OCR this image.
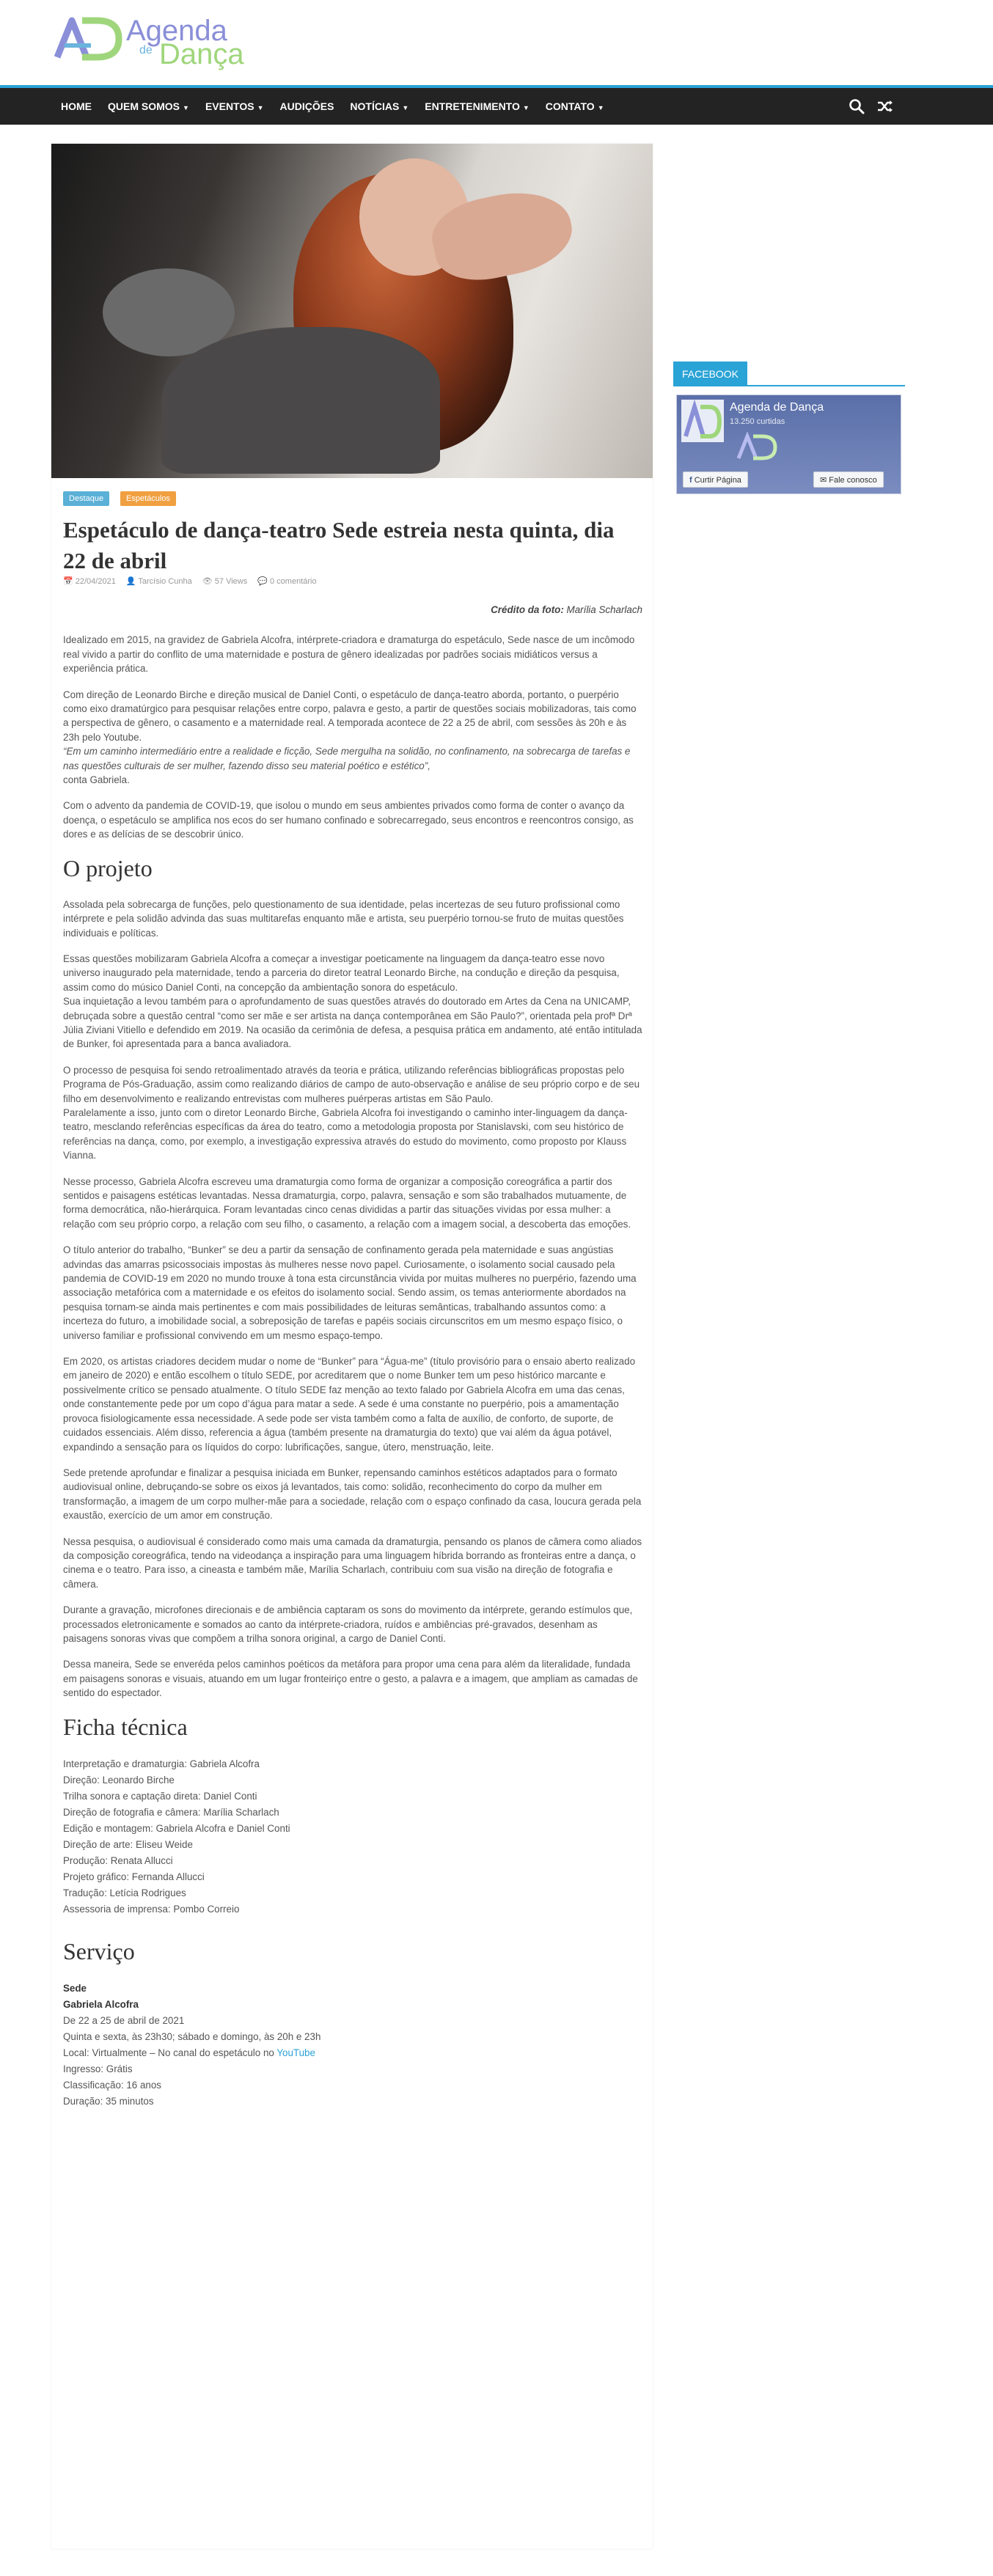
Agenda
de Dança
HOME	QUEM SOMOS ▼	EVENTOS ▼	AUDIÇÕES	NOTÍCIAS ▼	ENTRETENIMENTO ▼	CONTATO ▼
Destaque	Espetáculos
Espetáculo de dança-teatro Sede estreia nesta quinta, dia 22 de abril
📅 22/04/2021 👤 Tarcísio Cunha 👁 57 Views 💬 0 comentário

Crédito da foto: Marília Scharlach

Idealizado em 2015, na gravidez de Gabriela Alcofra, intérprete-criadora e dramaturga do espetáculo, Sede nasce de um incômodo real vivido a partir do conflito de uma maternidade e postura de gênero idealizadas por padrões sociais midiáticos versus a experiência prática.

Com direção de Leonardo Birche e direção musical de Daniel Conti, o espetáculo de dança-teatro aborda, portanto, o puerpério como eixo dramatúrgico para pesquisar relações entre corpo, palavra e gesto, a partir de questões sociais mobilizadoras, tais como a perspectiva de gênero, o casamento e a maternidade real. A temporada acontece de 22 a 25 de abril, com sessões às 20h e às 23h pelo Youtube.

“Em um caminho intermediário entre a realidade e ficção, Sede mergulha na solidão, no confinamento, na sobrecarga de tarefas e nas questões culturais de ser mulher, fazendo disso seu material poético e estético”,

conta Gabriela.

Com o advento da pandemia de COVID-19, que isolou o mundo em seus ambientes privados como forma de conter o avanço da doença, o espetáculo se amplifica nos ecos do ser humano confinado e sobrecarregado, seus encontros e reencontros consigo, as dores e as delícias de se descobrir único.

O projeto

Assolada pela sobrecarga de funções, pelo questionamento de sua identidade, pelas incertezas de seu futuro profissional como intérprete e pela solidão advinda das suas multitarefas enquanto mãe e artista, seu puerpério tornou-se fruto de muitas questões individuais e políticas.

Essas questões mobilizaram Gabriela Alcofra a começar a investigar poeticamente na linguagem da dança-teatro esse novo universo inaugurado pela maternidade, tendo a parceria do diretor teatral Leonardo Birche, na condução e direção da pesquisa, assim como do músico Daniel Conti, na concepção da ambientação sonora do espetáculo.

Sua inquietação a levou também para o aprofundamento de suas questões através do doutorado em Artes da Cena na UNICAMP, debruçada sobre a questão central “como ser mãe e ser artista na dança contemporânea em São Paulo?”, orientada pela profª Drª Júlia Ziviani Vitiello e defendido em 2019. Na ocasião da cerimônia de defesa, a pesquisa prática em andamento, até então intitulada de Bunker, foi apresentada para a banca avaliadora.

O processo de pesquisa foi sendo retroalimentado através da teoria e prática, utilizando referências bibliográficas propostas pelo Programa de Pós-Graduação, assim como realizando diários de campo de auto-observação e análise de seu próprio corpo e de seu filho em desenvolvimento e realizando entrevistas com mulheres puérperas artistas em São Paulo.

Paralelamente a isso, junto com o diretor Leonardo Birche, Gabriela Alcofra foi investigando o caminho inter-linguagem da dança-teatro, mesclando referências específicas da área do teatro, como a metodologia proposta por Stanislavski, com seu histórico de referências na dança, como, por exemplo, a investigação expressiva através do estudo do movimento, como proposto por Klauss Vianna.

Nesse processo, Gabriela Alcofra escreveu uma dramaturgia como forma de organizar a composição coreográfica a partir dos sentidos e paisagens estéticas levantadas. Nessa dramaturgia, corpo, palavra, sensação e som são trabalhados mutuamente, de forma democrática, não-hierárquica. Foram levantadas cinco cenas divididas a partir das situações vividas por essa mulher: a relação com seu próprio corpo, a relação com seu filho, o casamento, a relação com a imagem social, a descoberta das emoções.

O título anterior do trabalho, “Bunker” se deu a partir da sensação de confinamento gerada pela maternidade e suas angústias advindas das amarras psicossociais impostas às mulheres nesse novo papel. Curiosamente, o isolamento social causado pela pandemia de COVID-19 em 2020 no mundo trouxe à tona esta circunstância vivida por muitas mulheres no puerpério, fazendo uma associação metafórica com a maternidade e os efeitos do isolamento social. Sendo assim, os temas anteriormente abordados na pesquisa tornam-se ainda mais pertinentes e com mais possibilidades de leituras semânticas, trabalhando assuntos como: a incerteza do futuro, a imobilidade social, a sobreposição de tarefas e papéis sociais circunscritos em um mesmo espaço físico, o universo familiar e profissional convivendo em um mesmo espaço-tempo.

Em 2020, os artistas criadores decidem mudar o nome de “Bunker” para “Água-me” (título provisório para o ensaio aberto realizado em janeiro de 2020) e então escolhem o título SEDE, por acreditarem que o nome Bunker tem um peso histórico marcante e possivelmente crítico se pensado atualmente. O título SEDE faz menção ao texto falado por Gabriela Alcofra em uma das cenas, onde constantemente pede por um copo d’água para matar a sede. A sede é uma constante no puerpério, pois a amamentação provoca fisiologicamente essa necessidade. A sede pode ser vista também como a falta de auxílio, de conforto, de suporte, de cuidados essenciais. Além disso, referencia a água (também presente na dramaturgia do texto) que vai além da água potável, expandindo a sensação para os líquidos do corpo: lubrificações, sangue, útero, menstruação, leite.

Sede pretende aprofundar e finalizar a pesquisa iniciada em Bunker, repensando caminhos estéticos adaptados para o formato audiovisual online, debruçando-se sobre os eixos já levantados, tais como: solidão, reconhecimento do corpo da mulher em transformação, a imagem de um corpo mulher-mãe para a sociedade, relação com o espaço confinado da casa, loucura gerada pela exaustão, exercício de um amor em construção.

Nessa pesquisa, o audiovisual é considerado como mais uma camada da dramaturgia, pensando os planos de câmera como aliados da composição coreográfica, tendo na videodança a inspiração para uma linguagem híbrida borrando as fronteiras entre a dança, o cinema e o teatro. Para isso, a cineasta e também mãe, Marília Scharlach, contribuiu com sua visão na direção de fotografia e câmera.

Durante a gravação, microfones direcionais e de ambiência captaram os sons do movimento da intérprete, gerando estímulos que, processados eletronicamente e somados ao canto da intérprete-criadora, ruídos e ambiências pré-gravados, desenham as paisagens sonoras vivas que compõem a trilha sonora original, a cargo de Daniel Conti.

Dessa maneira, Sede se enveréda pelos caminhos poéticos da metáfora para propor uma cena para além da literalidade, fundada em paisagens sonoras e visuais, atuando em um lugar fronteiriço entre o gesto, a palavra e a imagem, que ampliam as camadas de sentido do espectador.

Ficha técnica

Interpretação e dramaturgia: Gabriela Alcofra

Direção: Leonardo Birche

Trilha sonora e captação direta: Daniel Conti

Direção de fotografia e câmera: Marília Scharlach

Edição e montagem: Gabriela Alcofra e Daniel Conti

Direção de arte: Eliseu Weide

Produção: Renata Allucci

Projeto gráfico: Fernanda Allucci

Tradução: Letícia Rodrigues

Assessoria de imprensa: Pombo Correio

Serviço

Sede

Gabriela Alcofra

De 22 a 25 de abril de 2021

Quinta e sexta, às 23h30; sábado e domingo, às 20h e 23h

Local: Virtualmente – No canal do espetáculo no YouTube

Ingresso: Grátis

Classificação: 16 anos

Duração: 35 minutos

FACEBOOK
Agenda de Dança
13.250 curtidas
f Curtir Página	✉ Fale conosco
